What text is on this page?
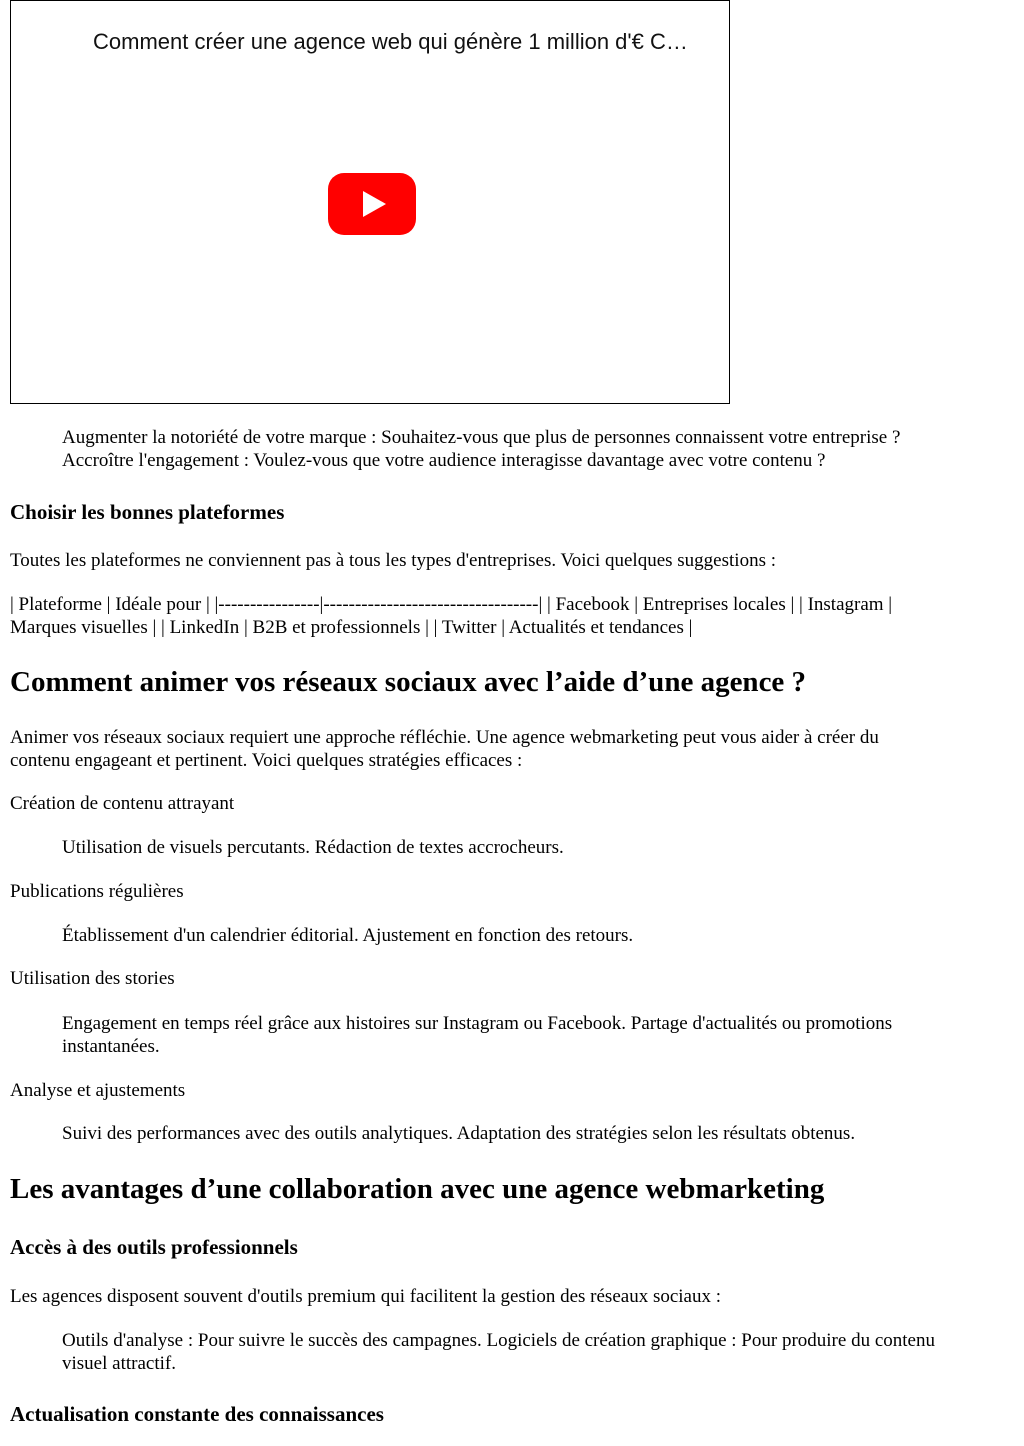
Comment créer une agence web qui génère 1 million d'€ C…
Augmenter la notoriété de votre marque : Souhaitez-vous que plus de personnes connaissent votre entreprise ?
Accroître l'engagement : Voulez-vous que votre audience interagisse davantage avec votre contenu ?
Choisir les bonnes plateformes
Toutes les plateformes ne conviennent pas à tous les types d'entreprises. Voici quelques suggestions :
| Plateforme | Idéale pour | |----------------|----------------------------------| | Facebook | Entreprises locales | | Instagram |
Marques visuelles | | LinkedIn | B2B et professionnels | | Twitter | Actualités et tendances |
Comment animer vos réseaux sociaux avec l’aide d’une agence ?
Animer vos réseaux sociaux requiert une approche réfléchie. Une agence webmarketing peut vous aider à créer du
contenu engageant et pertinent. Voici quelques stratégies efficaces :
Création de contenu attrayant
Utilisation de visuels percutants. Rédaction de textes accrocheurs.
Publications régulières
Établissement d'un calendrier éditorial. Ajustement en fonction des retours.
Utilisation des stories
Engagement en temps réel grâce aux histoires sur Instagram ou Facebook. Partage d'actualités ou promotions
instantanées.
Analyse et ajustements
Suivi des performances avec des outils analytiques. Adaptation des stratégies selon les résultats obtenus.
Les avantages d’une collaboration avec une agence webmarketing
Accès à des outils professionnels
Les agences disposent souvent d'outils premium qui facilitent la gestion des réseaux sociaux :
Outils d'analyse : Pour suivre le succès des campagnes. Logiciels de création graphique : Pour produire du contenu
visuel attractif.
Actualisation constante des connaissances
